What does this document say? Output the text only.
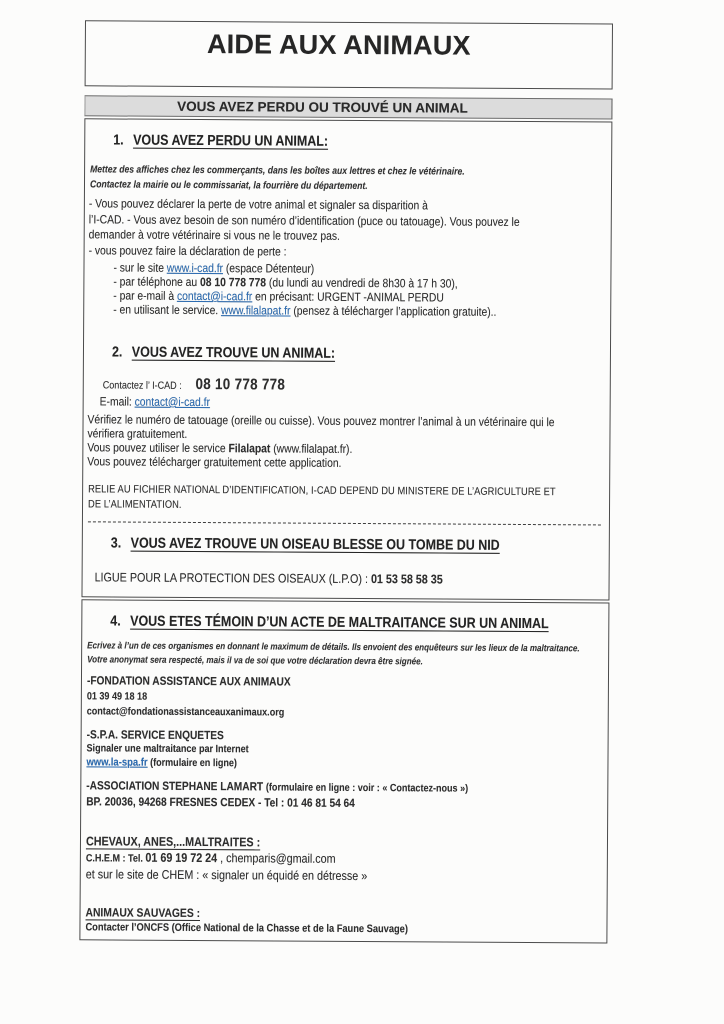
AIDE AUX ANIMAUX
VOUS AVEZ PERDU OU TROUVÉ UN ANIMAL
1. VOUS AVEZ PERDU UN ANIMAL:
Mettez des affiches chez les commerçants, dans les boîtes aux lettres et chez le vétérinaire.
Contactez la mairie ou le commissariat, la fourrière du département.
- Vous pouvez déclarer la perte de votre animal et signaler sa disparition à
l’I-CAD. - Vous avez besoin de son numéro d’identification (puce ou tatouage). Vous pouvez le
demander à votre vétérinaire si vous ne le trouvez pas.
- vous pouvez faire la déclaration de perte :
- sur le site www.i-cad.fr (espace Détenteur)
- par téléphone au 08 10 778 778 (du lundi au vendredi de 8h30 à 17 h 30),
- par e-mail à contact@i-cad.fr en précisant: URGENT -ANIMAL PERDU
- en utilisant le service. www.filalapat.fr (pensez à télécharger l’application gratuite)..
2. VOUS AVEZ TROUVE UN ANIMAL:
Contactez l’ I-CAD : 08 10 778 778
E-mail: contact@i-cad.fr
Vérifiez le numéro de tatouage (oreille ou cuisse). Vous pouvez montrer l’animal à un vétérinaire qui le
vérifiera gratuitement.
Vous pouvez utiliser le service Filalapat (www.filalapat.fr).
Vous pouvez télécharger gratuitement cette application.
RELIE AU FICHIER NATIONAL D’IDENTIFICATION, I-CAD DEPEND DU MINISTERE DE L’AGRICULTURE ET
DE L’ALIMENTATION.
3. VOUS AVEZ TROUVE UN OISEAU BLESSE OU TOMBE DU NID
LIGUE POUR LA PROTECTION DES OISEAUX (L.P.O) : 01 53 58 58 35
4. VOUS ETES TÉMOIN D’UN ACTE DE MALTRAITANCE SUR UN ANIMAL
Ecrivez à l’un de ces organismes en donnant le maximum de détails. Ils envoient des enquêteurs sur les lieux de la maltraitance.
Votre anonymat sera respecté, mais il va de soi que votre déclaration devra être signée.
-FONDATION ASSISTANCE AUX ANIMAUX
01 39 49 18 18
contact@fondationassistanceauxanimaux.org
-S.P.A. SERVICE ENQUETES
Signaler une maltraitance par Internet
www.la-spa.fr (formulaire en ligne)
-ASSOCIATION STEPHANE LAMART (formulaire en ligne : voir : « Contactez-nous »)
BP. 20036, 94268 FRESNES CEDEX - Tel : 01 46 81 54 64
CHEVAUX, ANES,...MALTRAITES :
C.H.E.M : Tel. 01 69 19 72 24 , chemparis@gmail.com
et sur le site de CHEM : « signaler un équidé en détresse »
ANIMAUX SAUVAGES :
Contacter l’ONCFS (Office National de la Chasse et de la Faune Sauvage)
